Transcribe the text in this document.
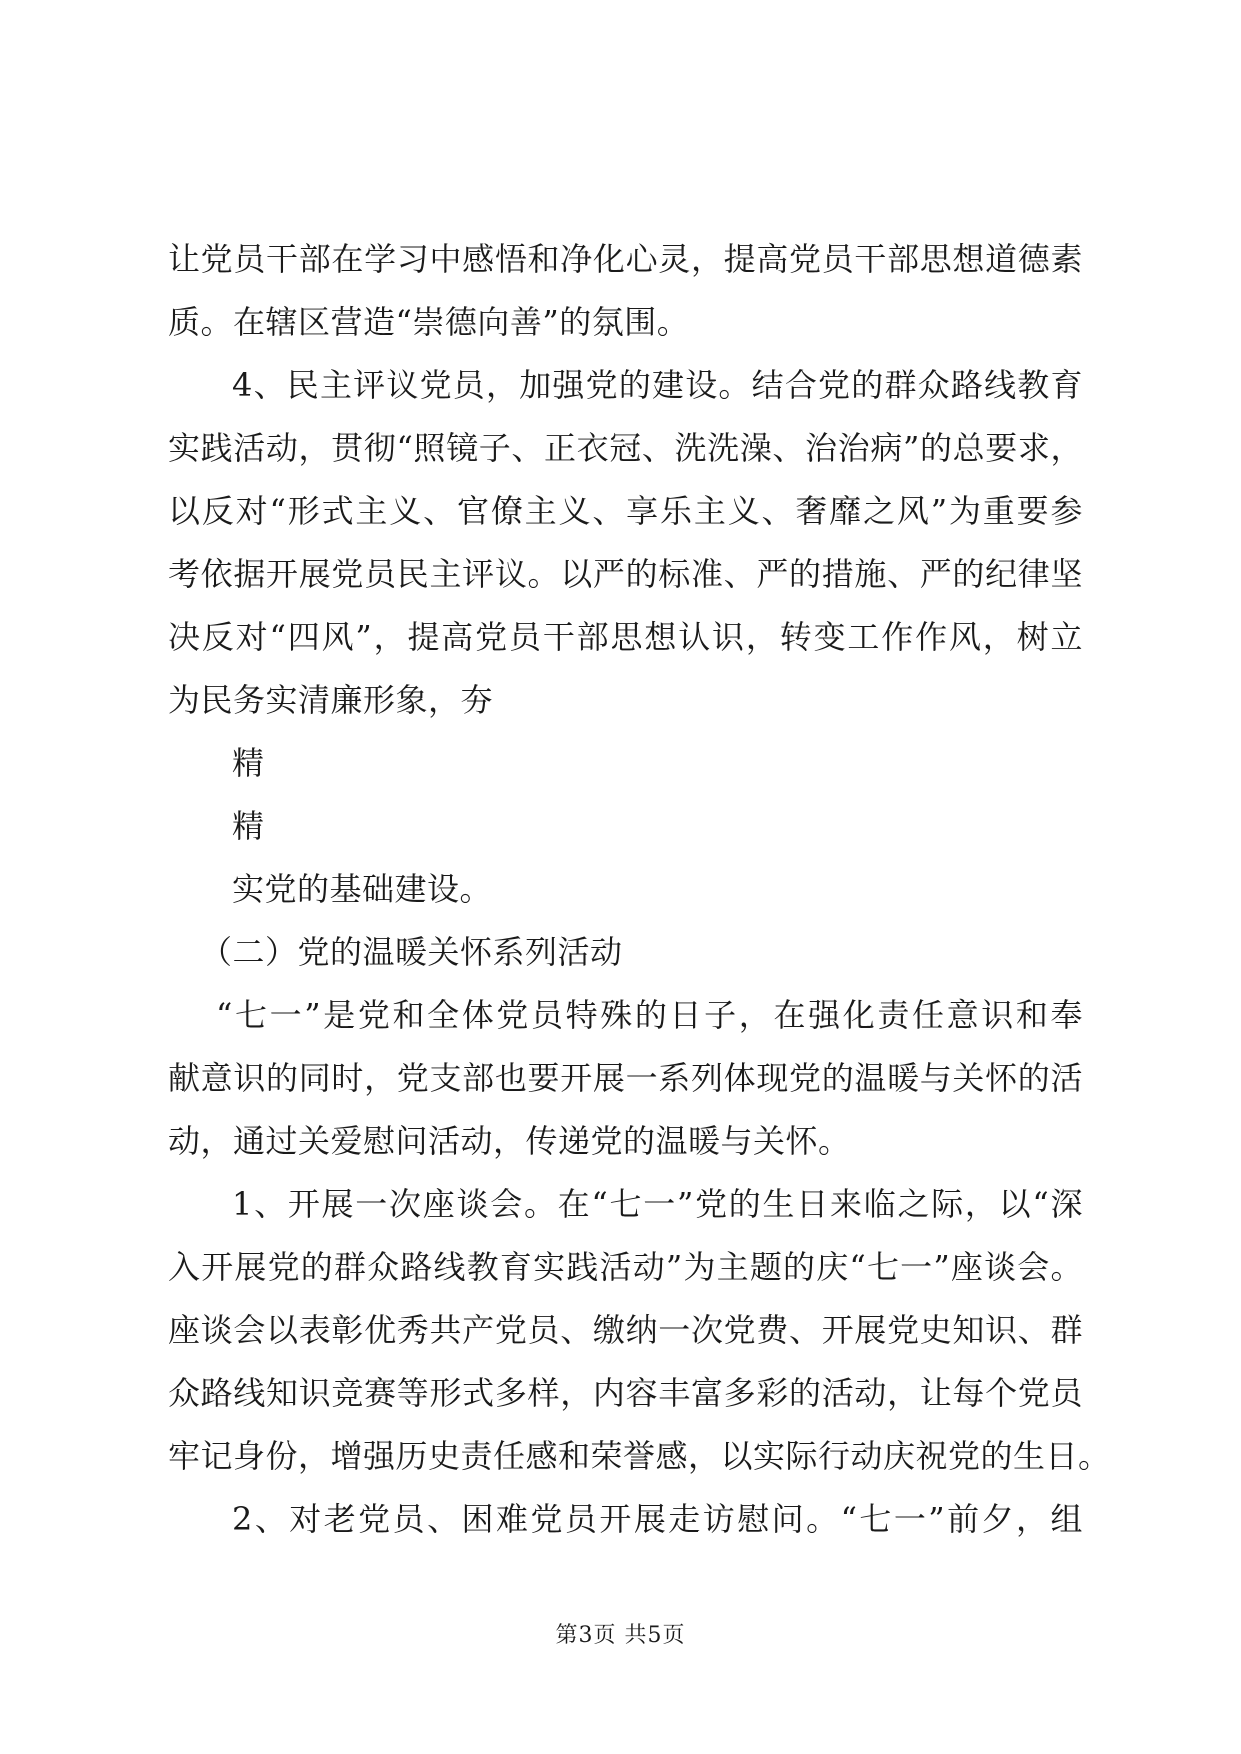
让党员干部在学习中感悟和净化心灵，提高党员干部思想道德素
质。在辖区营造“崇德向善”的氛围。
4、民主评议党员，加强党的建设。结合党的群众路线教育
实践活动，贯彻“照镜子、正衣冠、洗洗澡、治治病”的总要求，
以反对“形式主义、官僚主义、享乐主义、奢靡之风”为重要参
考依据开展党员民主评议。以严的标准、严的措施、严的纪律坚
决反对“四风”，提高党员干部思想认识，转变工作作风，树立
为民务实清廉形象，夯
精
精
实党的基础建设。
（二）党的温暖关怀系列活动
“七一”是党和全体党员特殊的日子，在强化责任意识和奉
献意识的同时，党支部也要开展一系列体现党的温暖与关怀的活
动，通过关爱慰问活动，传递党的温暖与关怀。
1、开展一次座谈会。在“七一”党的生日来临之际，以“深
入开展党的群众路线教育实践活动”为主题的庆“七一”座谈会。
座谈会以表彰优秀共产党员、缴纳一次党费、开展党史知识、群
众路线知识竞赛等形式多样，内容丰富多彩的活动，让每个党员
牢记身份，增强历史责任感和荣誉感，以实际行动庆祝党的生日。
2、对老党员、困难党员开展走访慰问。“七一”前夕，组
第3页 共5页
